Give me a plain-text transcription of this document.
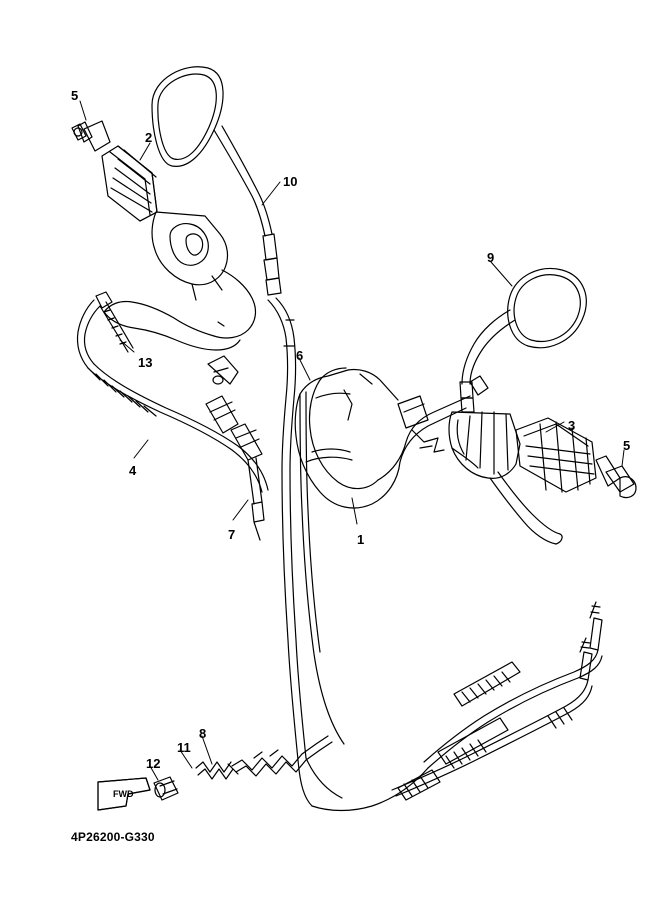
5
2
10
9
13	6
3
5
4
1
7
8
11
12
FWD
4P26200-G330
